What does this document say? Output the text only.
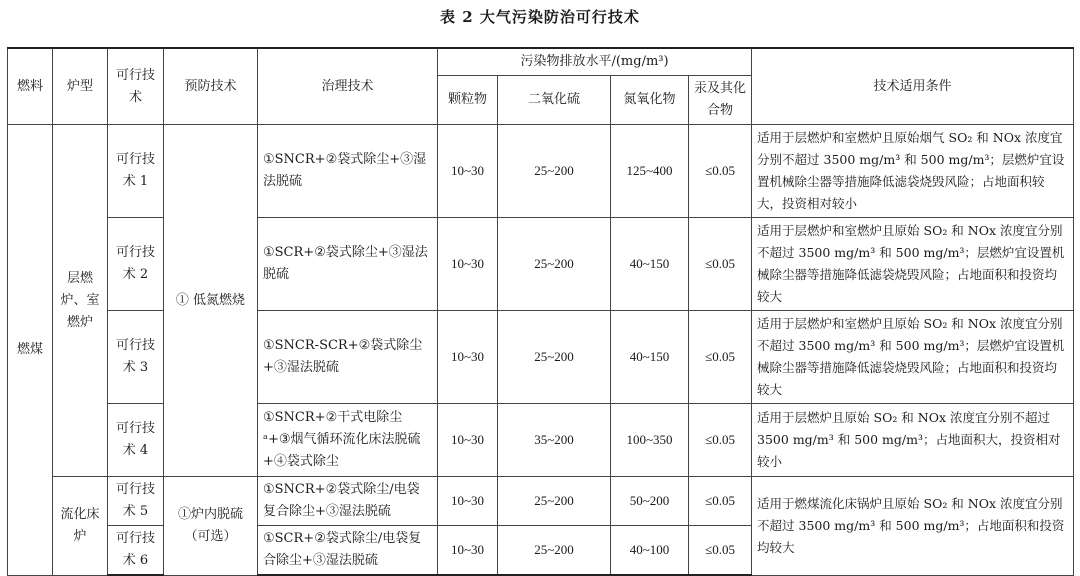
表 2 大气污染防治可行技术
燃料	炉型	可行技术	预防技术	治理技术	污染物排放水平/(mg/m³)				技术适用条件
					颗粒物	二氧化硫	氮氧化物	汞及其化合物	
燃煤	层燃炉、室燃炉	可行技术 1	① 低氮燃烧	①SNCR+②袋式除尘+③湿法脱硫	10~30	25~200	125~400	≤0.05	适用于层燃炉和室燃炉且原始烟气 SO₂ 和 NOx 浓度宜分别不超过 3500 mg/m³ 和 500 mg/m³；层燃炉宜设置机械除尘器等措施降低滤袋烧毁风险；占地面积较大，投资相对较小
		可行技术 2		①SCR+②袋式除尘+③湿法脱硫	10~30	25~200	40~150	≤0.05	适用于层燃炉和室燃炉且原始 SO₂ 和 NOx 浓度宜分别不超过 3500 mg/m³ 和 500 mg/m³；层燃炉宜设置机械除尘器等措施降低滤袋烧毁风险；占地面积和投资均较大
		可行技术 3		①SNCR-SCR+②袋式除尘+③湿法脱硫	10~30	25~200	40~150	≤0.05	适用于层燃炉和室燃炉且原始 SO₂ 和 NOx 浓度宜分别不超过 3500 mg/m³ 和 500 mg/m³；层燃炉宜设置机械除尘器等措施降低滤袋烧毁风险；占地面积和投资均较大
		可行技术 4		①SNCR+②干式电除尘 ᵃ+③烟气循环流化床法脱硫+④袋式除尘	10~30	35~200	100~350	≤0.05	适用于层燃炉且原始 SO₂ 和 NOx 浓度宜分别不超过 3500 mg/m³ 和 500 mg/m³；占地面积大，投资相对较小
	流化床炉	可行技术 5	①炉内脱硫（可选）	①SNCR+②袋式除尘/电袋复合除尘+③湿法脱硫	10~30	25~200	50~200	≤0.05	适用于燃煤流化床锅炉且原始 SO₂ 和 NOx 浓度宜分别不超过 3500 mg/m³ 和 500 mg/m³；占地面积和投资均较大
		可行技术 6		①SCR+②袋式除尘/电袋复合除尘+③湿法脱硫	10~30	25~200	40~100	≤0.05	
